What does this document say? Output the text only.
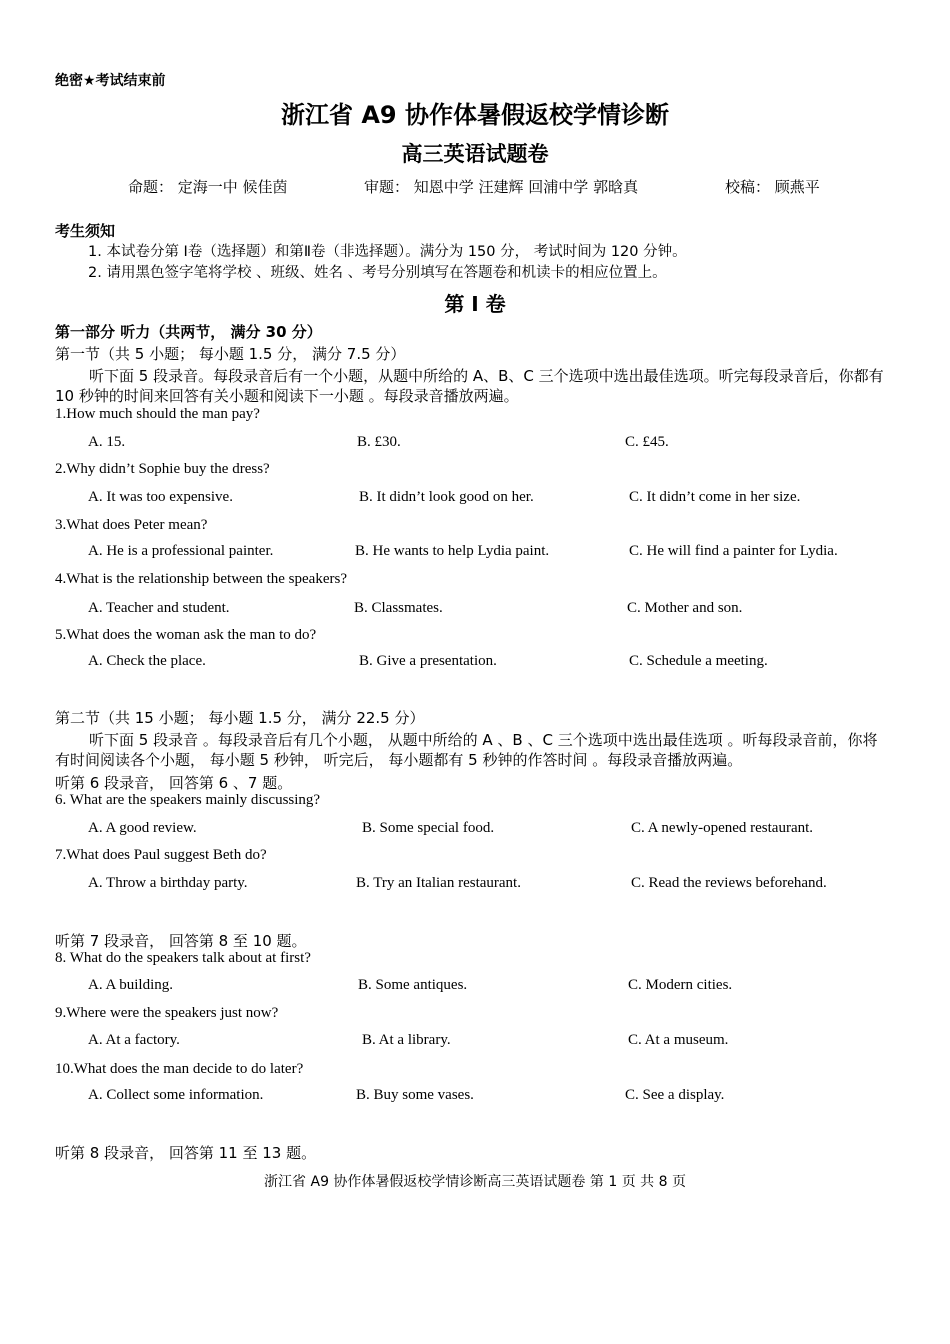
绝密★考试结束前
浙江省 A9 协作体暑假返校学情诊断
高三英语试题卷
命题： 定海一中 候佳茵	审题： 知恩中学 汪建辉 回浦中学 郭晗真	校稿： 顾燕平
考生须知
1. 本试卷分第 Ⅰ卷（选择题）和第Ⅱ卷（非选择题）。满分为 150 分， 考试时间为 120 分钟。
2. 请用黑色签字笔将学校 、班级、姓名 、考号分别填写在答题卷和机读卡的相应位置上。
第 I 卷
第一部分 听力（共两节， 满分 30 分）
第一节（共 5 小题； 每小题 1.5 分， 满分 7.5 分）
听下面 5 段录音。每段录音后有一个小题，从题中所给的 A、B、C 三个选项中选出最佳选项。听完每段录音后，你都有 10 秒钟的时间来回答有关小题和阅读下一小题 。每段录音播放两遍。
1.How much should the man pay?
A. 15.	B. £30.	C. £45.
2.Why didn’t Sophie buy the dress?
A. It was too expensive.	B. It didn’t look good on her.	C. It didn’t come in her size.
3.What does Peter mean?
A. He is a professional painter.	B. He wants to help Lydia paint.	C. He will find a painter for Lydia.
4.What is the relationship between the speakers?
A. Teacher and student.	B. Classmates.	C. Mother and son.
5.What does the woman ask the man to do?
A. Check the place.	B. Give a presentation.	C. Schedule a meeting.
第二节（共 15 小题； 每小题 1.5 分， 满分 22.5 分）
听下面 5 段录音 。每段录音后有几个小题， 从题中所给的 A 、B 、C 三个选项中选出最佳选项 。听每段录音前，你将有时间阅读各个小题， 每小题 5 秒钟， 听完后， 每小题都有 5 秒钟的作答时间 。每段录音播放两遍。
听第 6 段录音， 回答第 6 、7 题。
6. What are the speakers mainly discussing?
A. A good review.	B. Some special food.	C. A newly-opened restaurant.
7.What does Paul suggest Beth do?
A. Throw a birthday party.	B. Try an Italian restaurant.	C. Read the reviews beforehand.
听第 7 段录音， 回答第 8 至 10 题。
8. What do the speakers talk about at first?
A. A building.	B. Some antiques.	C. Modern cities.
9.Where were the speakers just now?
A. At a factory.	B. At a library.	C. At a museum.
10.What does the man decide to do later?
A. Collect some information.	B. Buy some vases.	C. See a display.
听第 8 段录音， 回答第 11 至 13 题。
浙江省 A9 协作体暑假返校学情诊断高三英语试题卷 第 1 页 共 8 页
